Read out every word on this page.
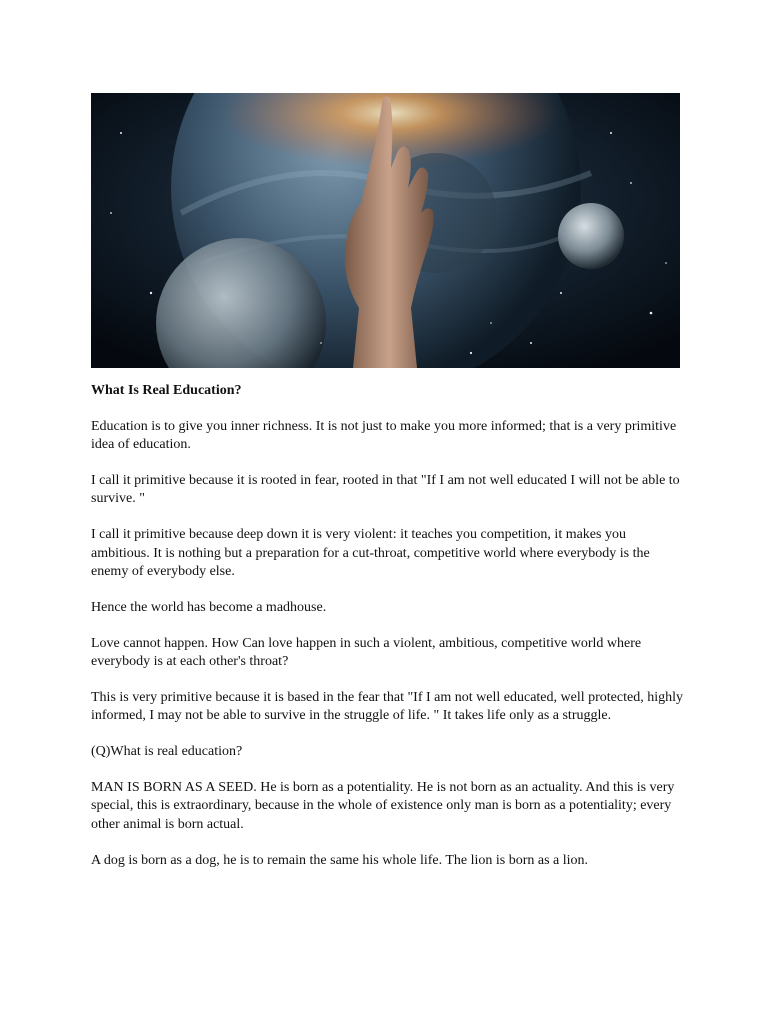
What Is Real Education?

Education is to give you inner richness. It is not just to make you more informed; that is a very primitive idea of education.

I call it primitive because it is rooted in fear, rooted in that "If I am not well educated I will not be able to survive. "

I call it primitive because deep down it is very violent: it teaches you competition, it makes you ambitious. It is nothing but a preparation for a cut-throat, competitive world where everybody is the enemy of everybody else.

Hence the world has become a madhouse.

Love cannot happen. How Can love happen in such a violent, ambitious, competitive world where everybody is at each other's throat?

This is very primitive because it is based in the fear that "If I am not well educated, well protected, highly informed, I may not be able to survive in the struggle of life. " It takes life only as a struggle.

(Q)What is real education?

MAN IS BORN AS A SEED. He is born as a potentiality. He is not born as an actuality. And this is very special, this is extraordinary, because in the whole of existence only man is born as a potentiality; every other animal is born actual.

A dog is born as a dog, he is to remain the same his whole life. The lion is born as a lion.
